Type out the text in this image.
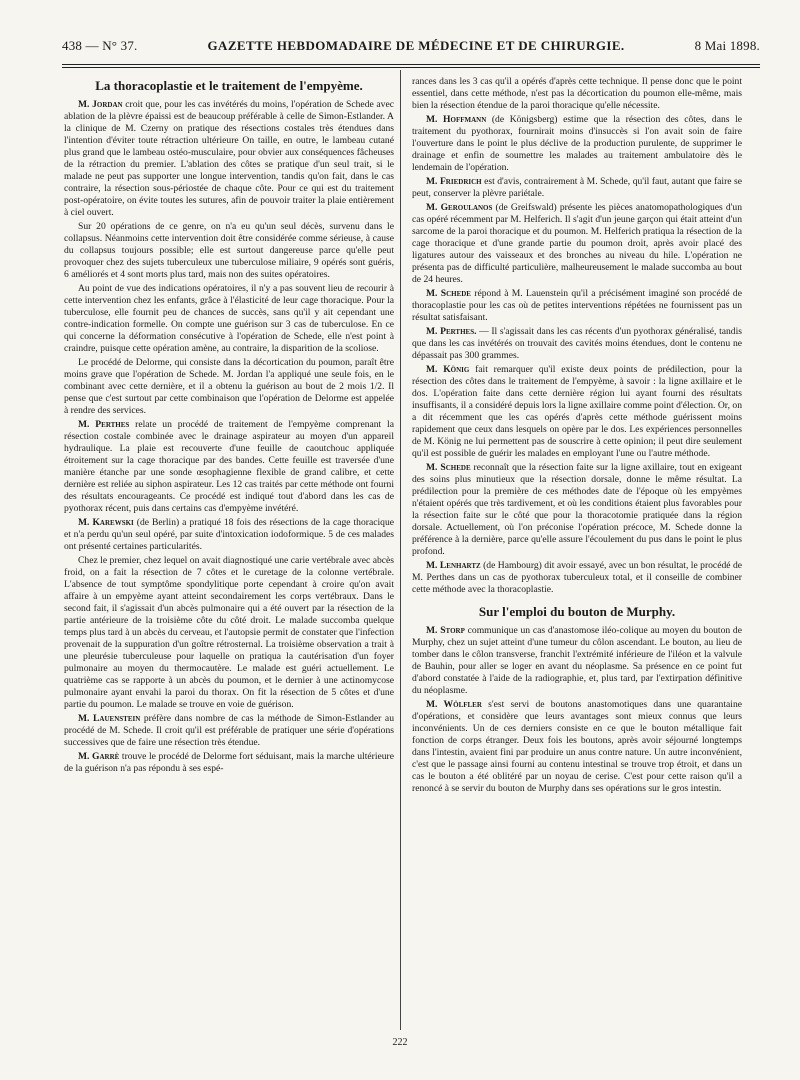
438 — N° 37.	GAZETTE HEBDOMADAIRE DE MÉDECINE ET DE CHIRURGIE.	8 Mai 1898.
La thoracoplastie et le traitement de l'empyème.

M. Jordan croit que, pour les cas invétérés du moins, l'opération de Schede avec ablation de la plèvre épaissi est de beaucoup préférable à celle de Simon-Estlander. A la clinique de M. Czerny on pratique des résections costales très étendues dans l'intention d'éviter toute rétraction ultérieure On taille, en outre, le lambeau cutané plus grand que le lambeau ostéo-musculaire, pour obvier aux conséquences fâcheuses de la rétraction du premier. L'ablation des côtes se pratique d'un seul trait, si le malade ne peut pas supporter une longue intervention, tandis qu'on fait, dans le cas contraire, la résection sous-périostée de chaque côte. Pour ce qui est du traitement post-opératoire, on évite toutes les sutures, afin de pouvoir traiter la plaie entièrement à ciel ouvert.

Sur 20 opérations de ce genre, on n'a eu qu'un seul décès, survenu dans le collapsus. Néanmoins cette intervention doit être considérée comme sérieuse, à cause du collapsus toujours possible; elle est surtout dangereuse parce qu'elle peut provoquer chez des sujets tuberculeux une tuberculose miliaire, 9 opérés sont guéris, 6 améliorés et 4 sont morts plus tard, mais non des suites opératoires.

Au point de vue des indications opératoires, il n'y a pas souvent lieu de recourir à cette intervention chez les enfants, grâce à l'élasticité de leur cage thoracique. Pour la tuberculose, elle fournit peu de chances de succès, sans qu'il y ait cependant une contre-indication formelle. On compte une guérison sur 3 cas de tuberculose. En ce qui concerne la déformation consécutive à l'opération de Schede, elle n'est point à craindre, puisque cette opération amène, au contraire, la disparition de la scoliose.

Le procédé de Delorme, qui consiste dans la décortication du poumon, paraît être moins grave que l'opération de Schede. M. Jordan l'a appliqué une seule fois, en le combinant avec cette dernière, et il a obtenu la guérison au bout de 2 mois 1/2. Il pense que c'est surtout par cette combinaison que l'opération de Delorme est appelée à rendre des services.

M. Perthes relate un procédé de traitement de l'empyème comprenant la résection costale combinée avec le drainage aspirateur au moyen d'un appareil hydraulique. La plaie est recouverte d'une feuille de caoutchouc appliquée étroitement sur la cage thoracique par des bandes. Cette feuille est traversée d'une manière étanche par une sonde œsophagienne flexible de grand calibre, et cette dernière est reliée au siphon aspirateur. Les 12 cas traités par cette méthode ont fourni des résultats encourageants. Ce procédé est indiqué tout d'abord dans les cas de pyothorax récent, puis dans certains cas d'empyème invétéré.

M. Karewski (de Berlin) a pratiqué 18 fois des résections de la cage thoracique et n'a perdu qu'un seul opéré, par suite d'intoxication iodoformique. 5 de ces malades ont présenté certaines particularités.

Chez le premier, chez lequel on avait diagnostiqué une carie vertébrale avec abcès froid, on a fait la résection de 7 côtes et le curetage de la colonne vertébrale. L'absence de tout symptôme spondylitique porte cependant à croire qu'on avait affaire à un empyème ayant atteint secondairement les corps vertébraux. Dans le second fait, il s'agissait d'un abcès pulmonaire qui a été ouvert par la résection de la partie antérieure de la troisième côte du côté droit. Le malade succomba quelque temps plus tard à un abcès du cerveau, et l'autopsie permit de constater que l'infection provenait de la suppuration d'un goître rétrosternal. La troisième observation a trait à une pleurésie tuberculeuse pour laquelle on pratiqua la cautérisation d'un foyer pulmonaire au moyen du thermocautère. Le malade est guéri actuellement. Le quatrième cas se rapporte à un abcès du poumon, et le dernier à une actinomycose pulmonaire ayant envahi la paroi du thorax. On fit la résection de 5 côtes et d'une partie du poumon. Le malade se trouve en voie de guérison.

M. Lauenstein préfère dans nombre de cas la méthode de Simon-Estlander au procédé de M. Schede. Il croit qu'il est préférable de pratiquer une série d'opérations successives que de faire une résection très étendue.

M. Garrè trouve le procédé de Delorme fort séduisant, mais la marche ultérieure de la guérison n'a pas répondu à ses espé-

rances dans les 3 cas qu'il a opérés d'après cette technique. Il pense donc que le point essentiel, dans cette méthode, n'est pas la décortication du poumon elle-même, mais bien la résection étendue de la paroi thoracique qu'elle nécessite.

M. Hoffmann (de Königsberg) estime que la résection des côtes, dans le traitement du pyothorax, fournirait moins d'insuccès si l'on avait soin de faire l'ouverture dans le point le plus déclive de la production purulente, de supprimer le drainage et enfin de soumettre les malades au traitement ambulatoire dès le lendemain de l'opération.

M. Friedrich est d'avis, contrairement à M. Schede, qu'il faut, autant que faire se peut, conserver la plèvre pariétale.

M. Geroulanos (de Greifswald) présente les pièces anatomopathologiques d'un cas opéré récemment par M. Helferich. Il s'agit d'un jeune garçon qui était atteint d'un sarcome de la paroi thoracique et du poumon. M. Helferich pratiqua la résection de la cage thoracique et d'une grande partie du poumon droit, après avoir placé des ligatures autour des vaisseaux et des bronches au niveau du hile. L'opération ne présenta pas de difficulté particulière, malheureusement le malade succomba au bout de 24 heures.

M. Schede répond à M. Lauenstein qu'il a précisément imaginé son procédé de thoracoplastie pour les cas où de petites interventions répétées ne fournissent pas un résultat satisfaisant.

M. Perthes. — Il s'agissait dans les cas récents d'un pyothorax généralisé, tandis que dans les cas invétérés on trouvait des cavités moins étendues, dont le contenu ne dépassait pas 300 grammes.

M. König fait remarquer qu'il existe deux points de prédilection, pour la résection des côtes dans le traitement de l'empyème, à savoir : la ligne axillaire et le dos. L'opération faite dans cette dernière région lui ayant fourni des résultats insuffisants, il a considéré depuis lors la ligne axillaire comme point d'élection. Or, on a dit récemment que les cas opérés d'après cette méthode guérissent moins rapidement que ceux dans lesquels on opère par le dos. Les expériences personnelles de M. König ne lui permettent pas de souscrire à cette opinion; il peut dire seulement qu'il est possible de guérir les malades en employant l'une ou l'autre méthode.

M. Schede reconnaît que la résection faite sur la ligne axillaire, tout en exigeant des soins plus minutieux que la résection dorsale, donne le même résultat. La prédilection pour la première de ces méthodes date de l'époque où les empyèmes n'étaient opérés que très tardivement, et où les conditions étaient plus favorables pour la résection faite sur le côté que pour la thoracotomie pratiquée dans la région dorsale. Actuellement, où l'on préconise l'opération précoce, M. Schede donne la préférence à la dernière, parce qu'elle assure l'écoulement du pus dans le point le plus profond.

M. Lenhartz (de Hambourg) dit avoir essayé, avec un bon résultat, le procédé de M. Perthes dans un cas de pyothorax tuberculeux total, et il conseille de combiner cette méthode avec la thoracoplastie.

Sur l'emploi du bouton de Murphy.

M. Storp communique un cas d'anastomose iléo-colique au moyen du bouton de Murphy, chez un sujet atteint d'une tumeur du côlon ascendant. Le bouton, au lieu de tomber dans le côlon transverse, franchit l'extrémité inférieure de l'iléon et la valvule de Bauhin, pour aller se loger en avant du néoplasme. Sa présence en ce point fut d'abord constatée à l'aide de la radiographie, et, plus tard, par l'extirpation définitive du néoplasme.

M. Wölfler s'est servi de boutons anastomotiques dans une quarantaine d'opérations, et considère que leurs avantages sont mieux connus que leurs inconvénients. Un de ces derniers consiste en ce que le bouton métallique fait fonction de corps étranger. Deux fois les boutons, après avoir séjourné longtemps dans l'intestin, avaient fini par produire un anus contre nature. Un autre inconvénient, c'est que le passage ainsi fourni au contenu intestinal se trouve trop étroit, et dans un cas le bouton a été oblitéré par un noyau de cerise. C'est pour cette raison qu'il a renoncé à se servir du bouton de Murphy dans ses opérations sur le gros intestin.

222
